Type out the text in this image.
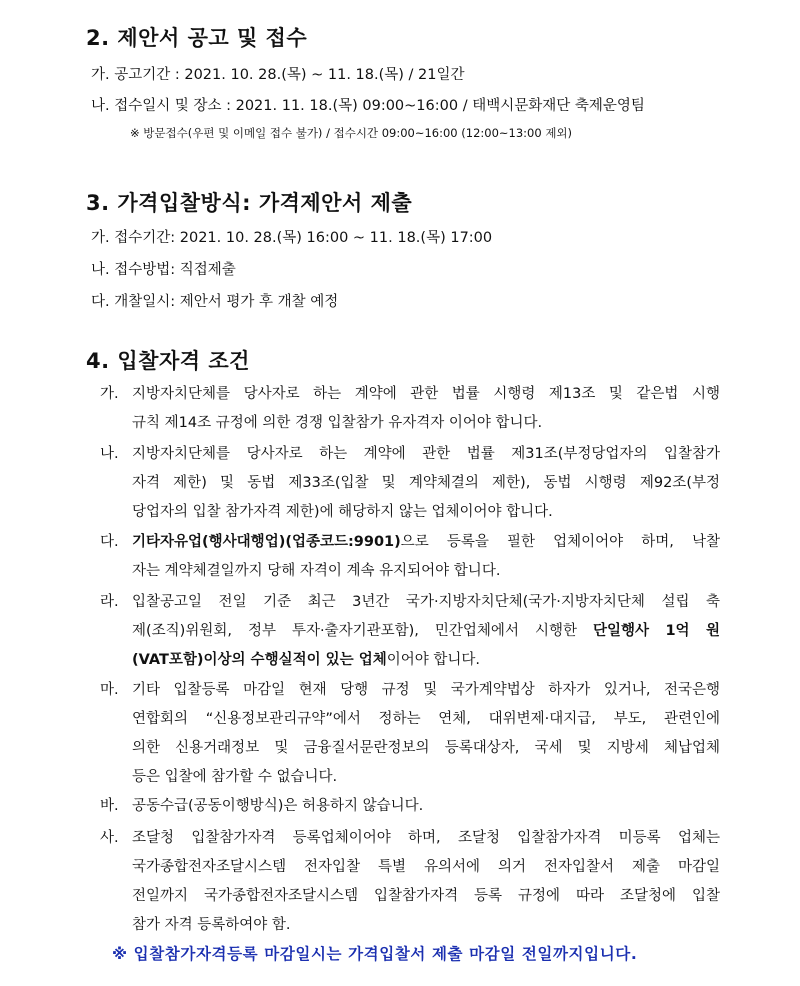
2. 제안서 공고 및 접수

가. 공고기간 : 2021. 10. 28.(목) ~ 11. 18.(목) / 21일간

나. 접수일시 및 장소 : 2021. 11. 18.(목) 09:00~16:00 / 태백시문화재단 축제운영팀

※ 방문접수(우편 및 이메일 접수 불가) / 접수시간 09:00~16:00 (12:00~13:00 제외)

3. 가격입찰방식: 가격제안서 제출

가. 접수기간: 2021. 10. 28.(목) 16:00 ~ 11. 18.(목) 17:00

나. 접수방법: 직접제출

다. 개찰일시: 제안서 평가 후 개찰 예정

4. 입찰자격 조건
가. 지방자치단체를 당사자로 하는 계약에 관한 법률 시행령 제13조 및 같은법 시행
규칙 제14조 규정에 의한 경쟁 입찰참가 유자격자 이어야 합니다.
나. 지방자치단체를 당사자로 하는 계약에 관한 법률 제31조(부정당업자의 입찰참가
자격 제한) 및 동법 제33조(입찰 및 계약체결의 제한), 동법 시행령 제92조(부정
당업자의 입찰 참가자격 제한)에 해당하지 않는 업체이어야 합니다.
다. 기타자유업(행사대행업)(업종코드:9901)으로 등록을 필한 업체이어야 하며, 낙찰
자는 계약체결일까지 당해 자격이 계속 유지되어야 합니다.
라. 입찰공고일 전일 기준 최근 3년간 국가·지방자치단체(국가·지방자치단체 설립 축
제(조직)위원회, 정부 투자·출자기관포함), 민간업체에서 시행한 단일행사 1억 원
(VAT포함)이상의 수행실적이 있는 업체이어야 합니다.
마. 기타 입찰등록 마감일 현재 당행 규정 및 국가계약법상 하자가 있거나, 전국은행
연합회의 “신용정보관리규약”에서 정하는 연체, 대위변제·대지급, 부도, 관련인에
의한 신용거래정보 및 금융질서문란정보의 등록대상자, 국세 및 지방세 체납업체
등은 입찰에 참가할 수 없습니다.
바. 공동수급(공동이행방식)은 허용하지 않습니다.
사. 조달청 입찰참가자격 등록업체이어야 하며, 조달청 입찰참가자격 미등록 업체는
국가종합전자조달시스템 전자입찰 특별 유의서에 의거 전자입찰서 제출 마감일
전일까지 국가종합전자조달시스템 입찰참가자격 등록 규정에 따라 조달청에 입찰
참가 자격 등록하여야 함.

※ 입찰참가자격등록 마감일시는 가격입찰서 제출 마감일 전일까지입니다.
